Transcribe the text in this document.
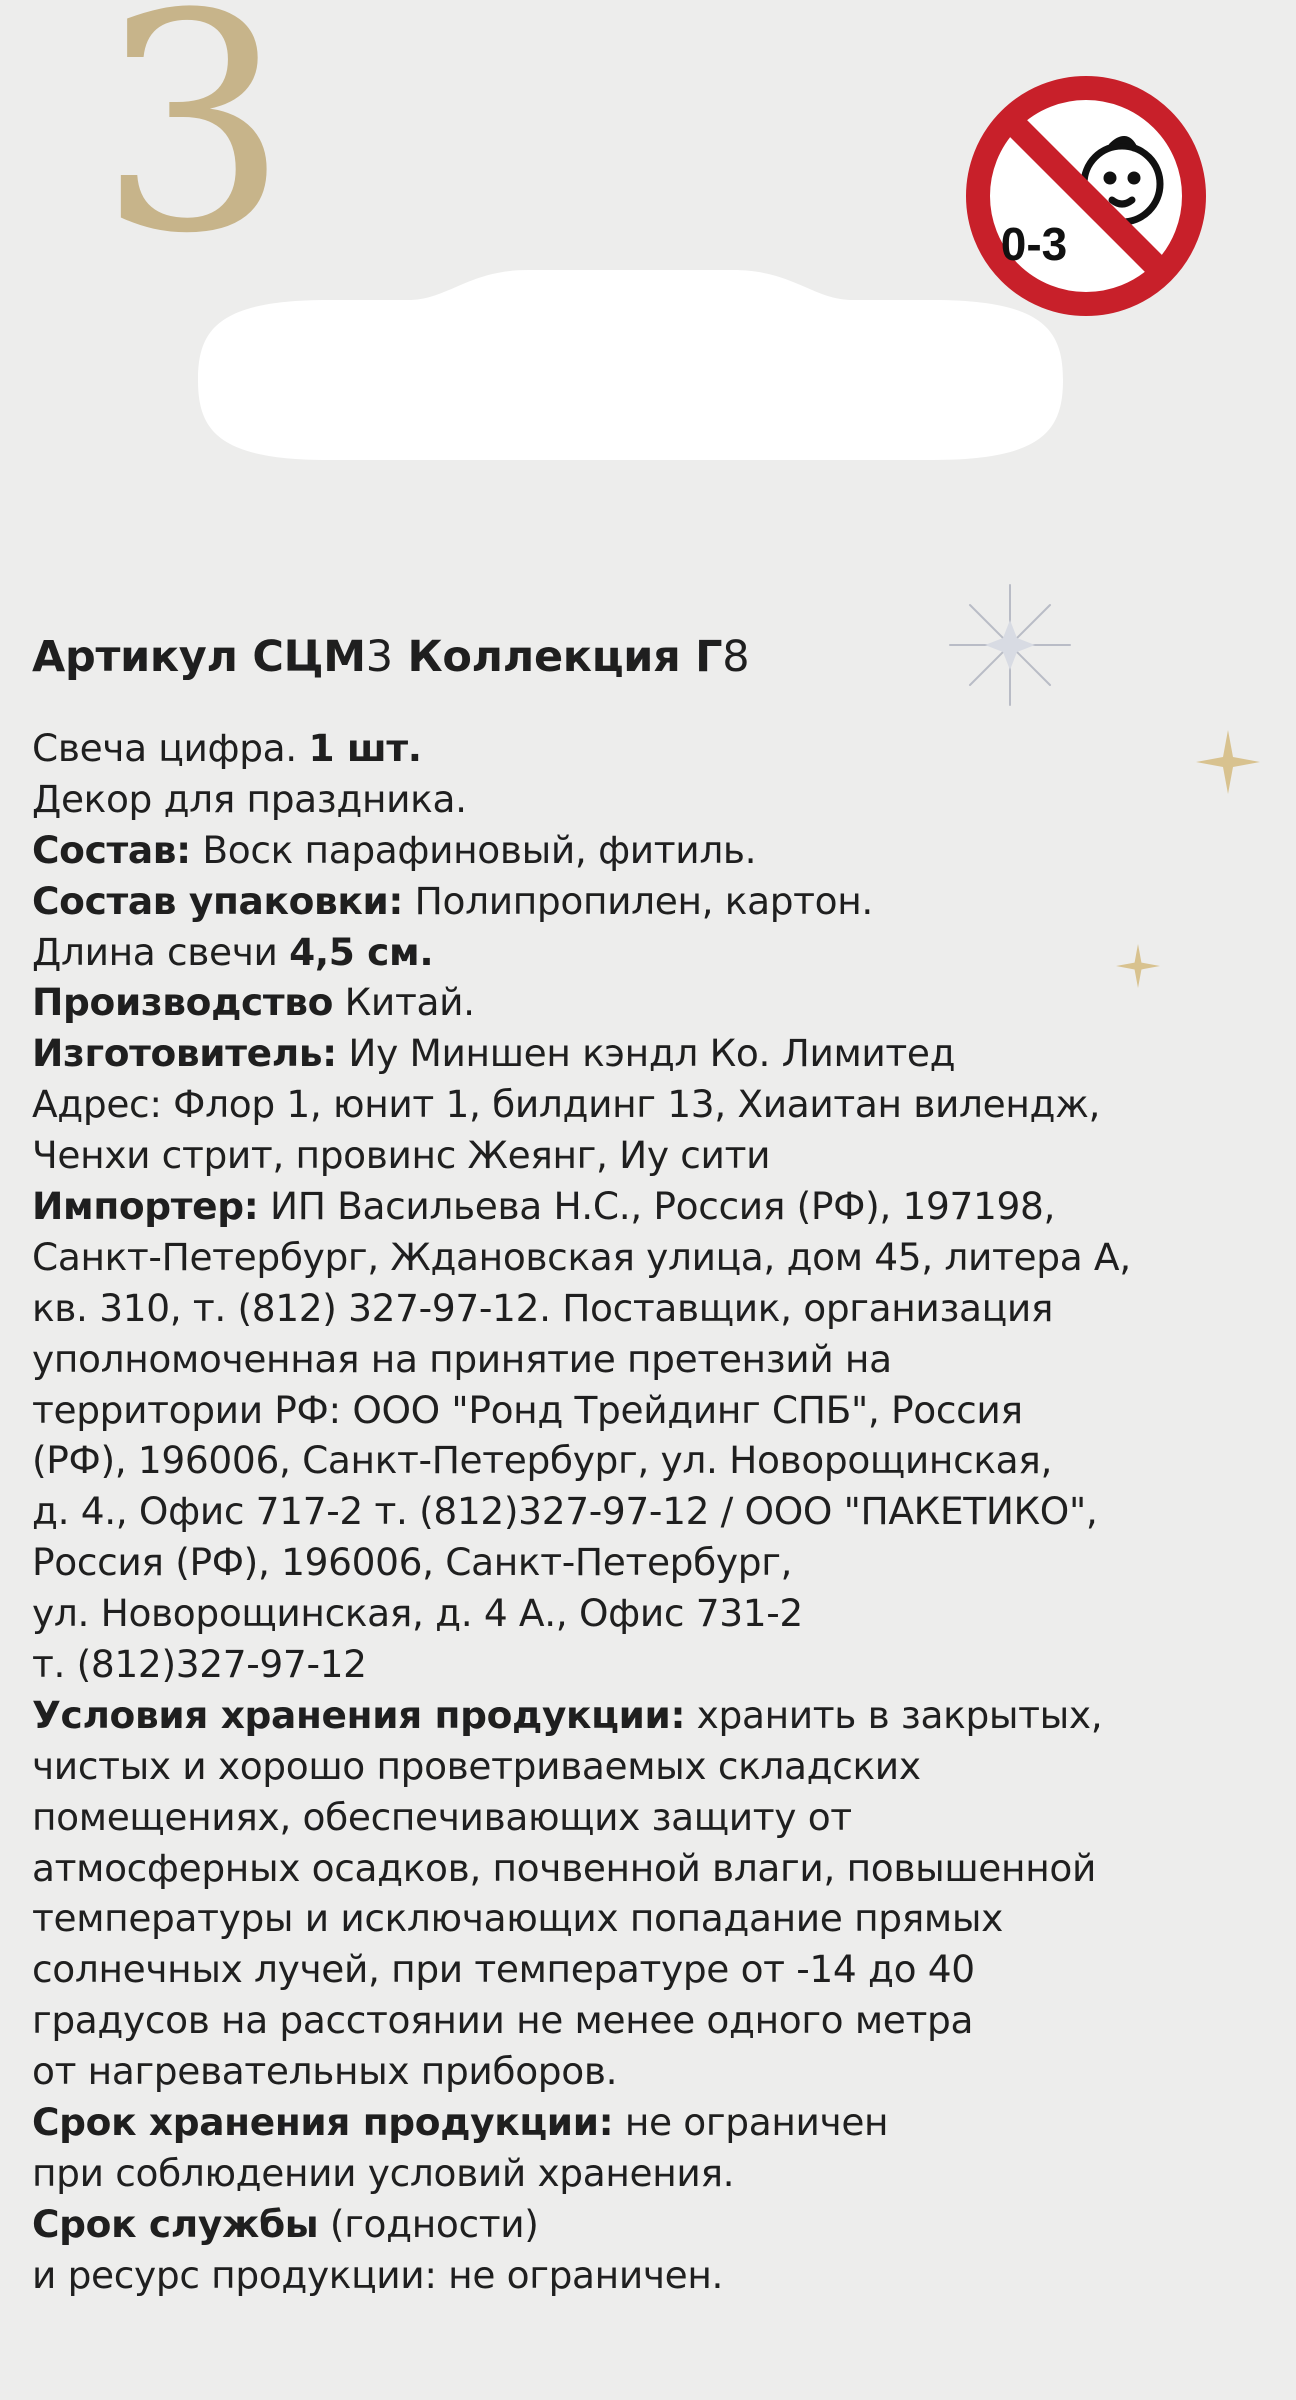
3	0-3
Артикул СЦМ3 Коллекция Г8
Свеча цифра. 1 шт.
Декор для праздника.
Состав: Воск парафиновый, фитиль.
Состав упаковки: Полипропилен, картон.
Длина свечи 4,5 см.
Производство Китай.
Изготовитель: Иу Миншен кэндл Ко. Лимитед
Адрес: Флор 1, юнит 1, билдинг 13, Хиаитан вилендж,
Ченхи стрит, провинс Жеянг, Иу сити
Импортер: ИП Васильева Н.С., Россия (РФ), 197198,
Санкт-Петербург, Ждановская улица, дом 45, литера А,
кв. 310, т. (812) 327-97-12. Поставщик, организация
уполномоченная на принятие претензий на
территории РФ: ООО "Ронд Трейдинг СПБ", Россия
(РФ), 196006, Санкт-Петербург, ул. Новорощинская,
д. 4., Офис 717-2 т. (812)327-97-12 / ООО "ПАКЕТИКО",
Россия (РФ), 196006, Санкт-Петербург,
ул. Новорощинская, д. 4 А., Офис 731-2
т. (812)327-97-12
Условия хранения продукции: хранить в закрытых,
чистых и хорошо проветриваемых складских
помещениях, обеспечивающих защиту от
атмосферных осадков, почвенной влаги, повышенной
температуры и исключающих попадание прямых
солнечных лучей, при температуре от -14 до 40
градусов на расстоянии не менее одного метра
от нагревательных приборов.
Срок хранения продукции: не ограничен
при соблюдении условий хранения.
Срок службы (годности)
и ресурс продукции: не ограничен.
